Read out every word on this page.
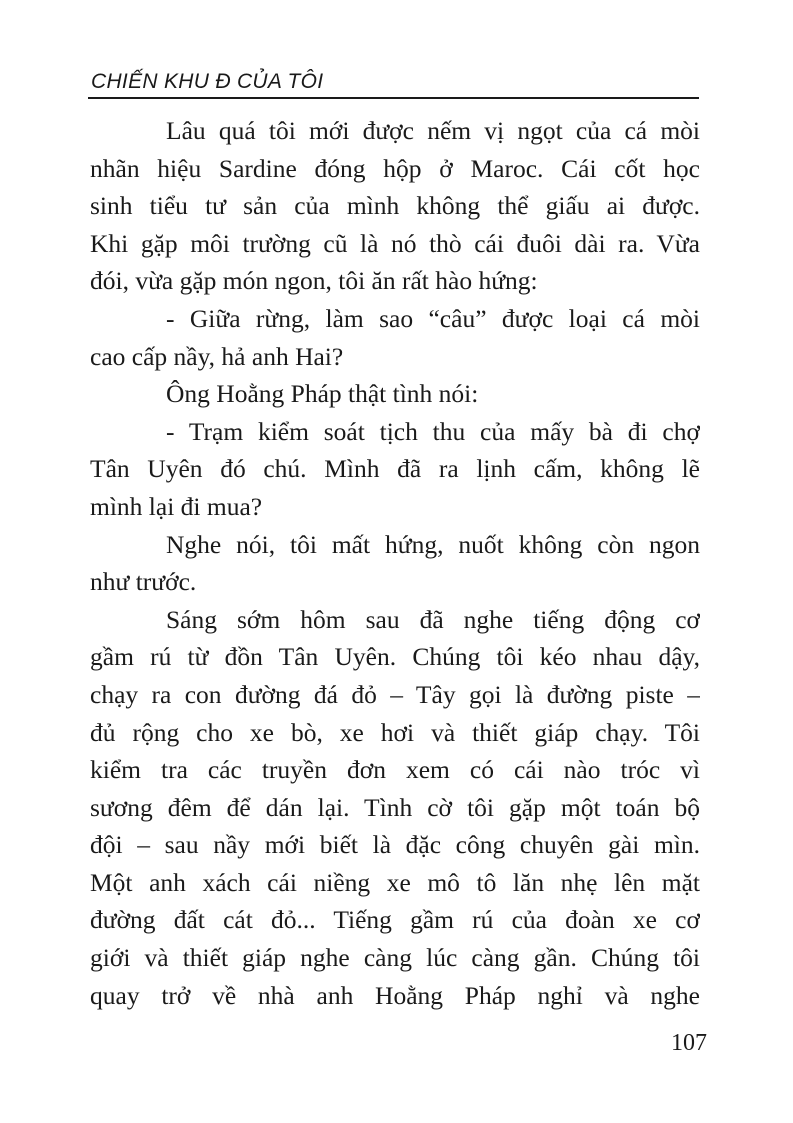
CHIẾN KHU Đ CỦA TÔI
Lâu quá tôi mới được nếm vị ngọt của cá mòi
nhãn hiệu Sardine đóng hộp ở Maroc. Cái cốt học
sinh tiểu tư sản của mình không thể giấu ai được.
Khi gặp môi trường cũ là nó thò cái đuôi dài ra. Vừa
đói, vừa gặp món ngon, tôi ăn rất hào hứng:
- Giữa rừng, làm sao “câu” được loại cá mòi
cao cấp nầy, hả anh Hai?
Ông Hoằng Pháp thật tình nói:
- Trạm kiểm soát tịch thu của mấy bà đi chợ
Tân Uyên đó chú. Mình đã ra lịnh cấm, không lẽ
mình lại đi mua?
Nghe nói, tôi mất hứng, nuốt không còn ngon
như trước.
Sáng sớm hôm sau đã nghe tiếng động cơ
gầm rú từ đồn Tân Uyên. Chúng tôi kéo nhau dậy,
chạy ra con đường đá đỏ – Tây gọi là đường piste –
đủ rộng cho xe bò, xe hơi và thiết giáp chạy. Tôi
kiểm tra các truyền đơn xem có cái nào tróc vì
sương đêm để dán lại. Tình cờ tôi gặp một toán bộ
đội – sau nầy mới biết là đặc công chuyên gài mìn.
Một anh xách cái niềng xe mô tô lăn nhẹ lên mặt
đường đất cát đỏ... Tiếng gầm rú của đoàn xe cơ
giới và thiết giáp nghe càng lúc càng gần. Chúng tôi
quay trở về nhà anh Hoằng Pháp nghỉ và nghe
107
